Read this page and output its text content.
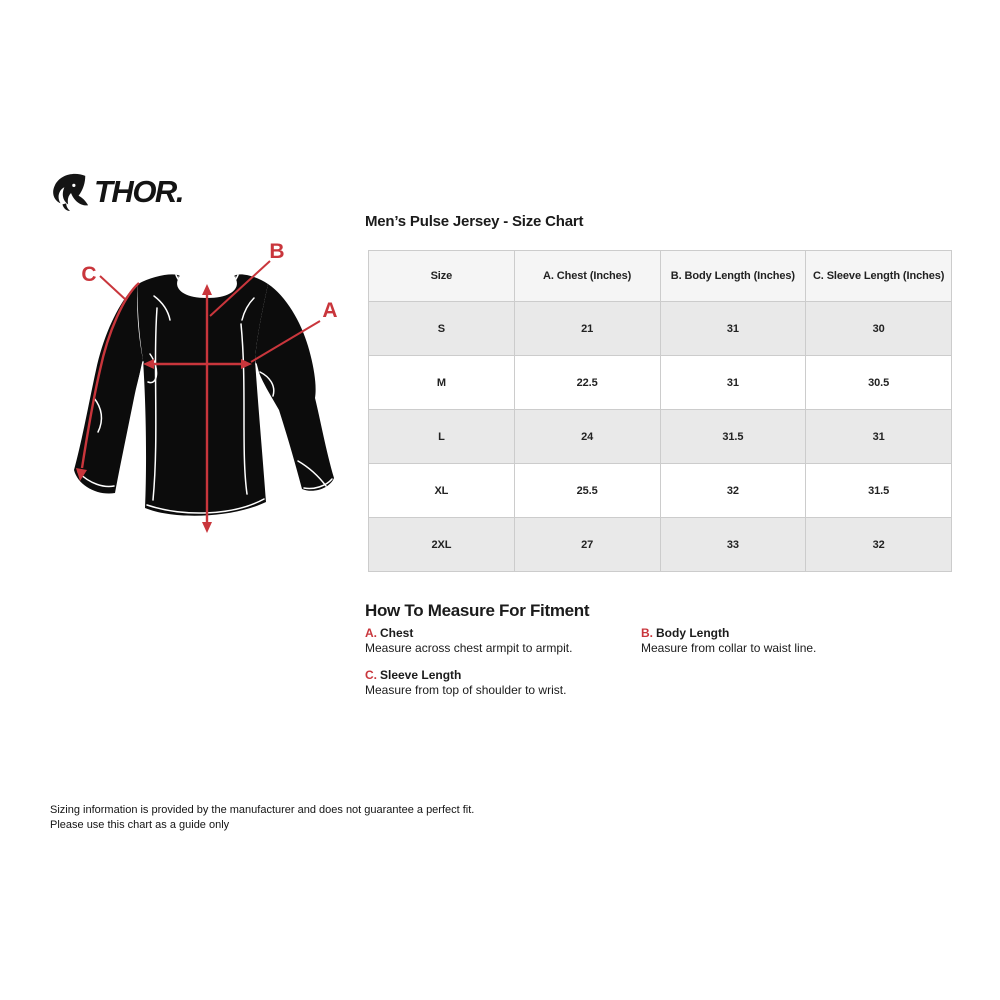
THOR.
C
B
A
Men’s Pulse Jersey - Size Chart
Size	A. Chest (Inches)	B. Body Length (Inches)	C. Sleeve Length (Inches)
S	21	31	30
M	22.5	31	30.5
L	24	31.5	31
XL	25.5	32	31.5
2XL	27	33	32
How To Measure For Fitment
A. Chest
Measure across chest armpit to armpit.
B. Body Length
Measure from collar to waist line.
C. Sleeve Length
Measure from top of shoulder to wrist.
Sizing information is provided by the manufacturer and does not guarantee a perfect fit.
Please use this chart as a guide only
